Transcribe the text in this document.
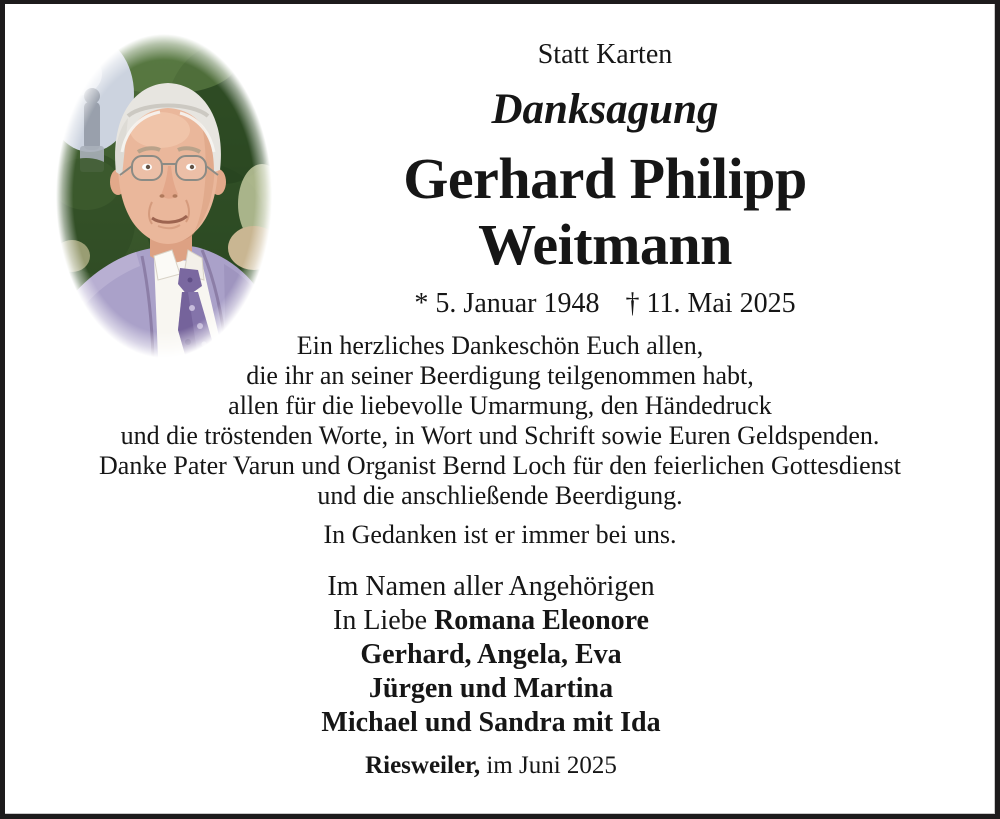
Statt Karten
Danksagung
Gerhard Philipp
Weitmann
* 5. Januar 1948 † 11. Mai 2025
Ein herzliches Dankeschön Euch allen,
die ihr an seiner Beerdigung teilgenommen habt,
allen für die liebevolle Umarmung, den Händedruck
und die tröstenden Worte, in Wort und Schrift sowie Euren Geldspenden.
Danke Pater Varun und Organist Bernd Loch für den feierlichen Gottesdienst
und die anschließende Beerdigung.
In Gedanken ist er immer bei uns.
Im Namen aller Angehörigen
In Liebe Romana Eleonore
Gerhard, Angela, Eva
Jürgen und Martina
Michael und Sandra mit Ida
Riesweiler, im Juni 2025
